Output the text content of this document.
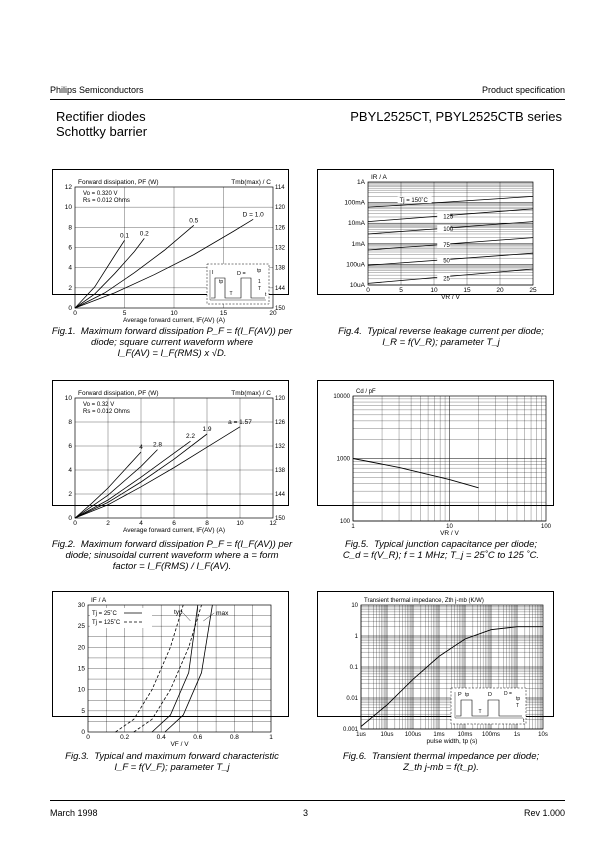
Philips Semiconductors	Product specification
Rectifier diodes
Schottky barrier
PBYL2525CT, PBYL2525CTB series
0	5	10	15	20
0
2
4
6
8
10
12
150
144
138
132
126
120
114
Forward dissipation, PF (W)	Tmb(max) / C
Average forward current, IF(AV) (A)
Vo = 0.320 V
Rs = 0.012 Ohms
0.1 0.2
0.5
D = 1.0
I	D = tp
T	t
1
T
tp
Fig.1. Maximum forward dissipation P_F = f(I_F(AV)) per
diode; square current waveform where
I_F(AV) = I_F(RMS) x √D.
0	5	10	15	20	25
1A
100mA
10mA
1mA
100uA
10uA
IR / A
VR / V
Tj = 150˚C
125
100
75
50
25
Fig.4. Typical reverse leakage current per diode;
I_R = f(V_R); parameter T_j
0	2	4	6	8	10	12
0
2
4
6
8
10
150
144
138
132
126
120
Forward dissipation, PF (W)	Tmb(max) / C
Average forward current, IF(AV) (A)
Vo = 0.32 V
Rs = 0.012 Ohms
4 2.8
2.2
1.9
a = 1.57
Fig.2. Maximum forward dissipation P_F = f(I_F(AV)) per
diode; sinusoidal current waveform where a = form
factor = I_F(RMS) / I_F(AV).
1	10	100
10000
1000
100
Cd / pF
VR / V
Fig.5. Typical junction capacitance per diode;
C_d = f(V_R); f = 1 MHz; T_j = 25˚C to 125 ˚C.
0	0.2	0.4	0.6	0.8	1
0
5
10
15
20
25
30
IF / A
VF / V
Tj = 25˚C
Tj = 125˚C
typ	max
Fig.3. Typical and maximum forward characteristic
I_F = f(V_F); parameter T_j
1us 10us 100us 1ms 10ms 100ms 1s	10s
10
1
0.1
0.01
0.001
Transient thermal impedance, Zth j-mb (K/W)
pulse width, tp (s)
P	D
tp	D =
tp
T
T
t
Fig.6. Transient thermal impedance per diode;
Z_th j-mb = f(t_p).
March 1998	3	Rev 1.000
